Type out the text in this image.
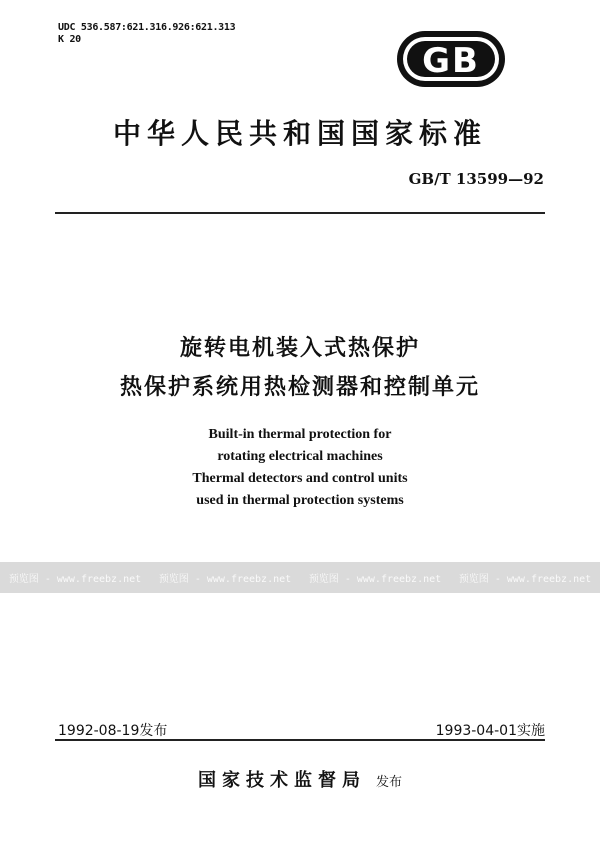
UDC 536.587:621.316.926:621.313
K 20
GB
中华人民共和国国家标准
GB/T 13599—92
旋转电机装入式热保护
热保护系统用热检测器和控制单元
Built-in thermal protection for
rotating electrical machines
Thermal detectors and control units
used in thermal protection systems
预览图 - www.freebz.net 预览图 - www.freebz.net 预览图 - www.freebz.net 预览图 - www.freebz.net
1992-08-19发布	1993-04-01实施
国家技术监督局 发布
